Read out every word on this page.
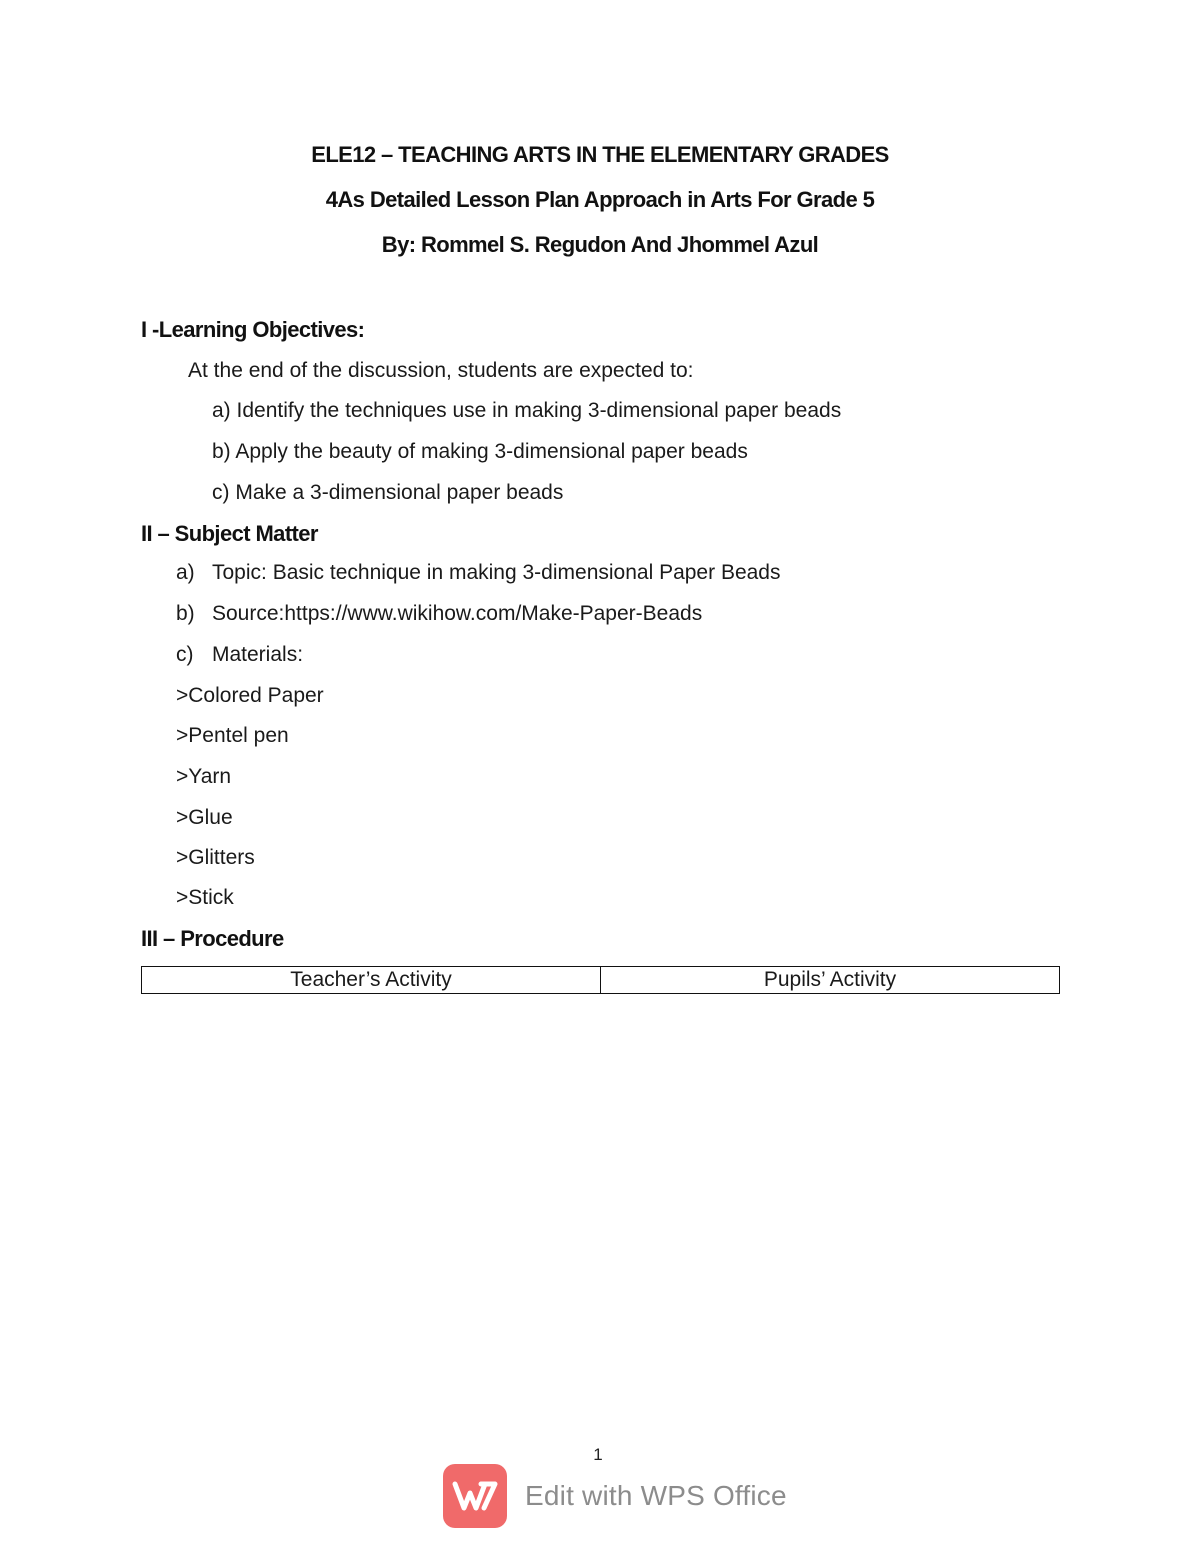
ELE12 – TEACHING ARTS IN THE ELEMENTARY GRADES
4As Detailed Lesson Plan Approach in Arts For Grade 5
By: Rommel S. Regudon And Jhommel Azul
I -Learning Objectives:
At the end of the discussion, students are expected to:
a) Identify the techniques use in making 3-dimensional paper beads
b) Apply the beauty of making 3-dimensional paper beads
c) Make a 3-dimensional paper beads
II – Subject Matter
a) Topic: Basic technique in making 3-dimensional Paper Beads
b) Source:https://www.wikihow.com/Make-Paper-Beads
c) Materials:
>Colored Paper
>Pentel pen
>Yarn
>Glue
>Glitters
>Stick
III – Procedure
Teacher’s Activity	Pupils’ Activity
1
Edit with WPS Office
